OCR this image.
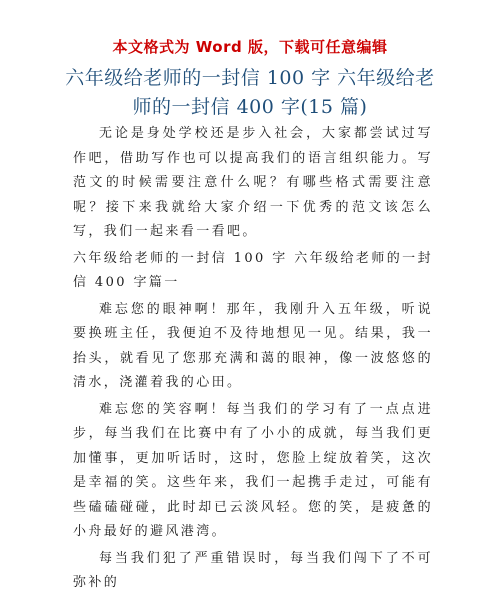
本文格式为 Word 版，下载可任意编辑
六年级给老师的一封信 100 字 六年级给老师的一封信 400 字(15 篇)

无论是身处学校还是步入社会，大家都尝试过写作吧，借助写作也可以提高我们的语言组织能力。写范文的时候需要注意什么呢？有哪些格式需要注意呢？接下来我就给大家介绍一下优秀的范文该怎么写，我们一起来看一看吧。

六年级给老师的一封信 100 字 六年级给老师的一封信 400 字篇一

难忘您的眼神啊！那年，我刚升入五年级，听说要换班主任，我便迫不及待地想见一见。结果，我一抬头，就看见了您那充满和蔼的眼神，像一波悠悠的清水，浇灌着我的心田。

难忘您的笑容啊！每当我们的学习有了一点点进步，每当我们在比赛中有了小小的成就，每当我们更加懂事，更加听话时，这时，您脸上绽放着笑，这次是幸福的笑。这些年来，我们一起携手走过，可能有些磕磕碰碰，此时却已云淡风轻。您的笑，是疲惫的小舟最好的避风港湾。

每当我们犯了严重错误时，每当我们闯下了不可弥补的
